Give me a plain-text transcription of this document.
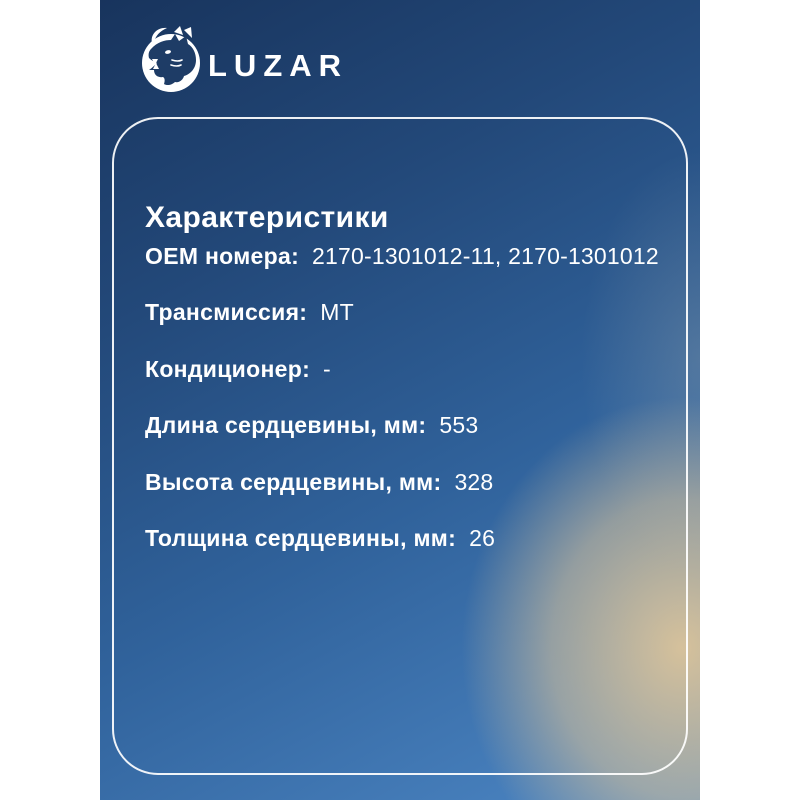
LUZAR
Характеристики
OEM номера: 2170-1301012-11, 2170-1301012
Трансмиссия: МТ
Кондиционер: -
Длина сердцевины, мм: 553
Высота сердцевины, мм: 328
Толщина сердцевины, мм: 26
